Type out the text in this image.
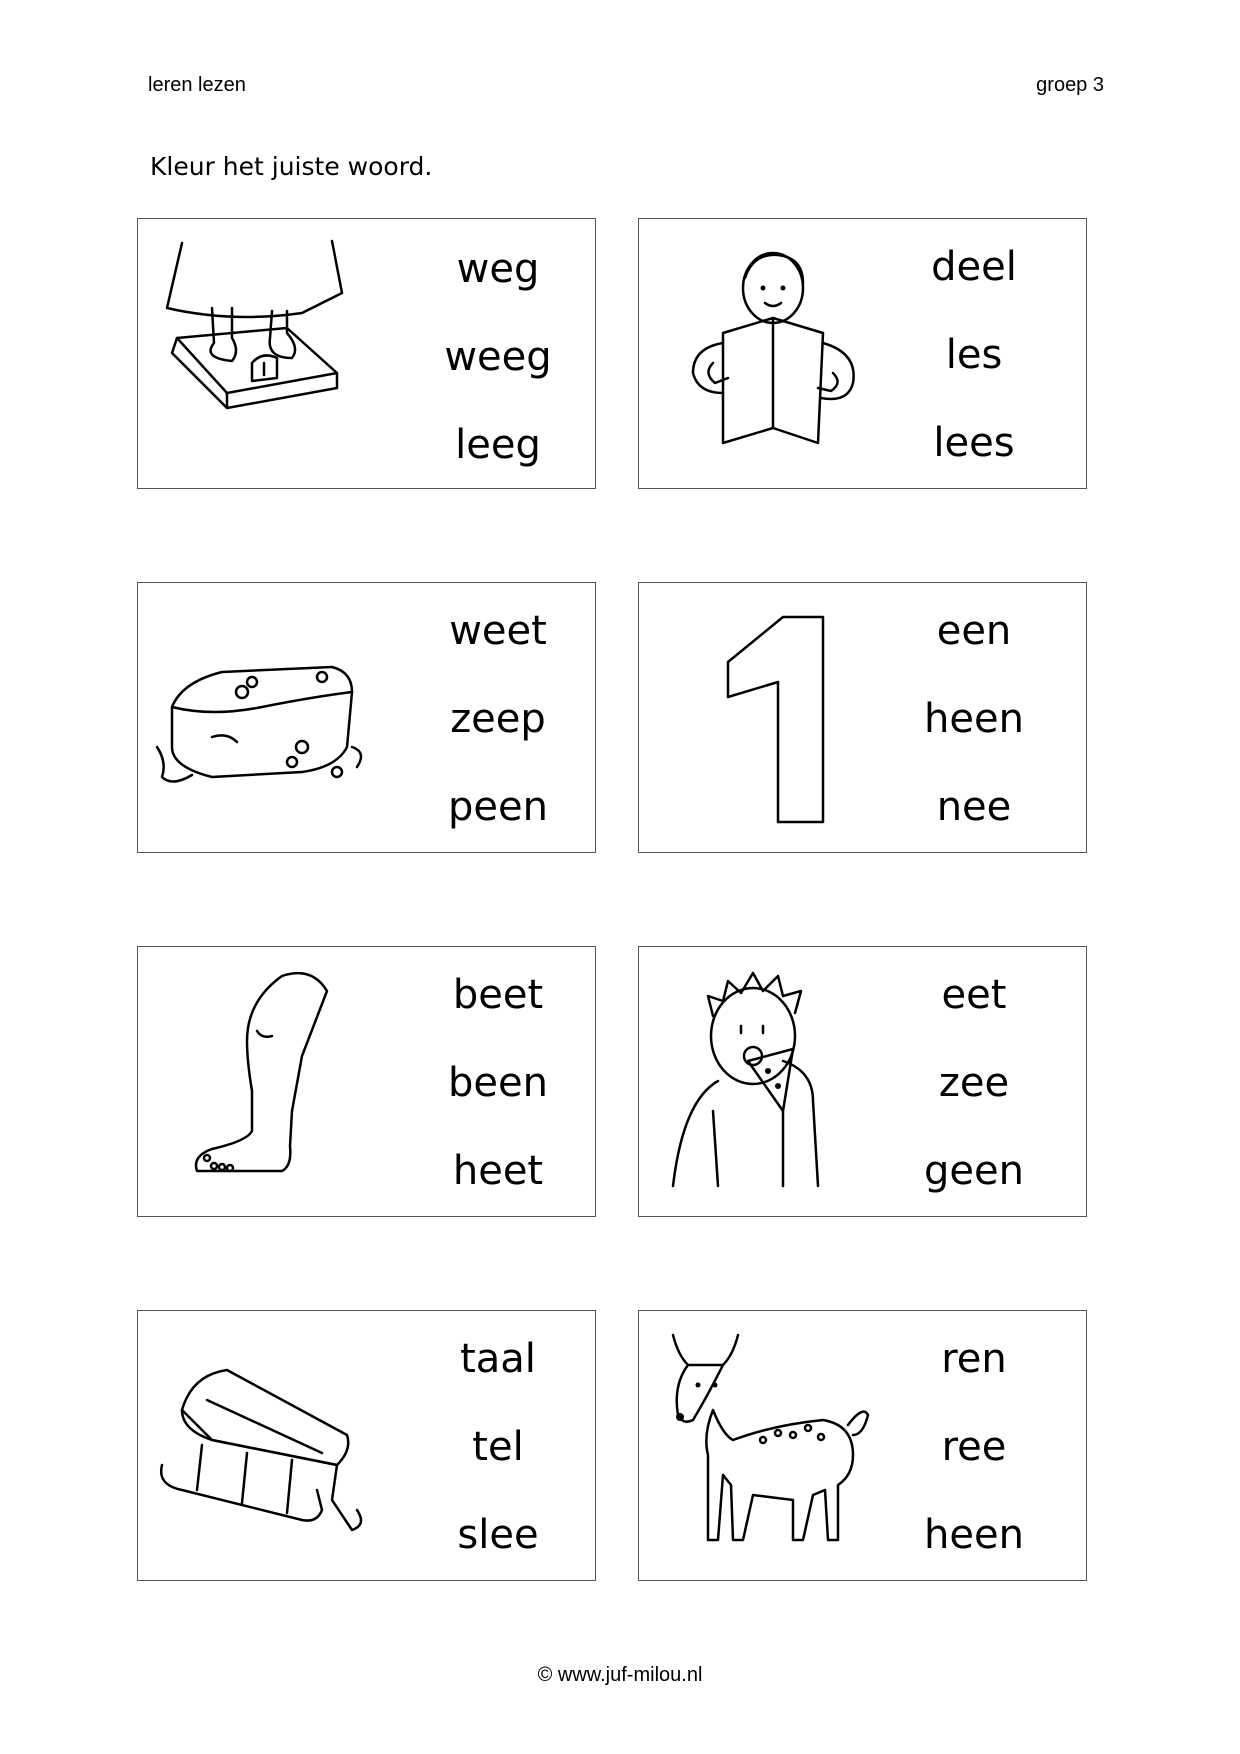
leren lezen	groep 3
Kleur het juiste woord.
weg
weeg
leeg
deel
les
lees
weet
zeep
peen
een
heen
nee
beet
been
heet
eet
zee
geen
taal
tel
slee
ren
ree
heen
© www.juf-milou.nl
